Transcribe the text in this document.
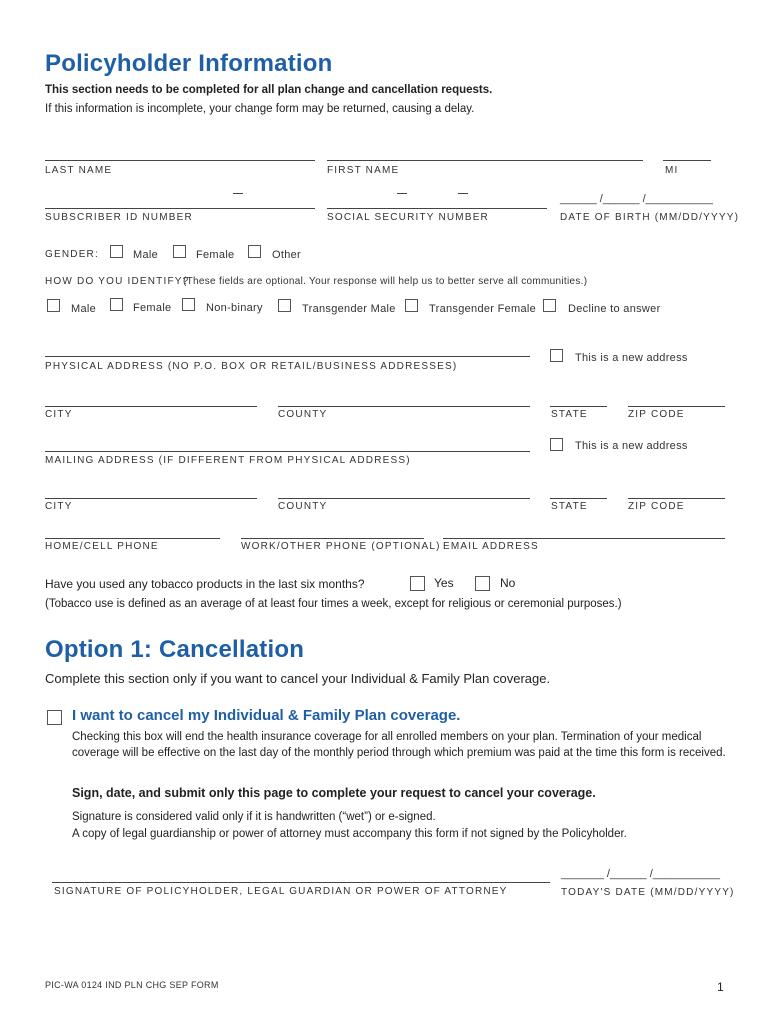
Policyholder Information
This section needs to be completed for all plan change and cancellation requests.
If this information is incomplete, your change form may be returned, causing a delay.
LAST NAME	FIRST NAME	MI
______ /______ /___________
SUBSCRIBER ID NUMBER	SOCIAL SECURITY NUMBER	DATE OF BIRTH (MM/DD/YYYY)
GENDER:	Male	Female	Other
HOW DO YOU IDENTIFY?
(These fields are optional. Your response will help us to better serve all communities.)
Male	Female	Non-binary	Transgender Male	Transgender Female	Decline to answer
PHYSICAL ADDRESS (NO P.O. BOX OR RETAIL/BUSINESS ADDRESSES)
This is a new address
CITY	COUNTY	STATE	ZIP CODE
MAILING ADDRESS (IF DIFFERENT FROM PHYSICAL ADDRESS)
This is a new address
CITY	COUNTY	STATE	ZIP CODE
HOME/CELL PHONE	WORK/OTHER PHONE (OPTIONAL) EMAIL ADDRESS
Have you used any tobacco products in the last six months?	Yes	No
(Tobacco use is defined as an average of at least four times a week, except for religious or ceremonial purposes.)
Option 1: Cancellation
Complete this section only if you want to cancel your Individual & Family Plan coverage.
I want to cancel my Individual & Family Plan coverage.
Checking this box will end the health insurance coverage for all enrolled members on your plan. Termination of your medical coverage will be effective on the last day of the monthly period through which premium was paid at the time this form is received.
Sign, date, and submit only this page to complete your request to cancel your coverage.
Signature is considered valid only if it is handwritten (“wet”) or e-signed.
A copy of legal guardianship or power of attorney must accompany this form if not signed by the Policyholder.
SIGNATURE OF POLICYHOLDER, LEGAL GUARDIAN OR POWER OF ATTORNEY
_______ /______ /___________
TODAY'S DATE (MM/DD/YYYY)
PIC-WA 0124 IND PLN CHG SEP FORM	1
